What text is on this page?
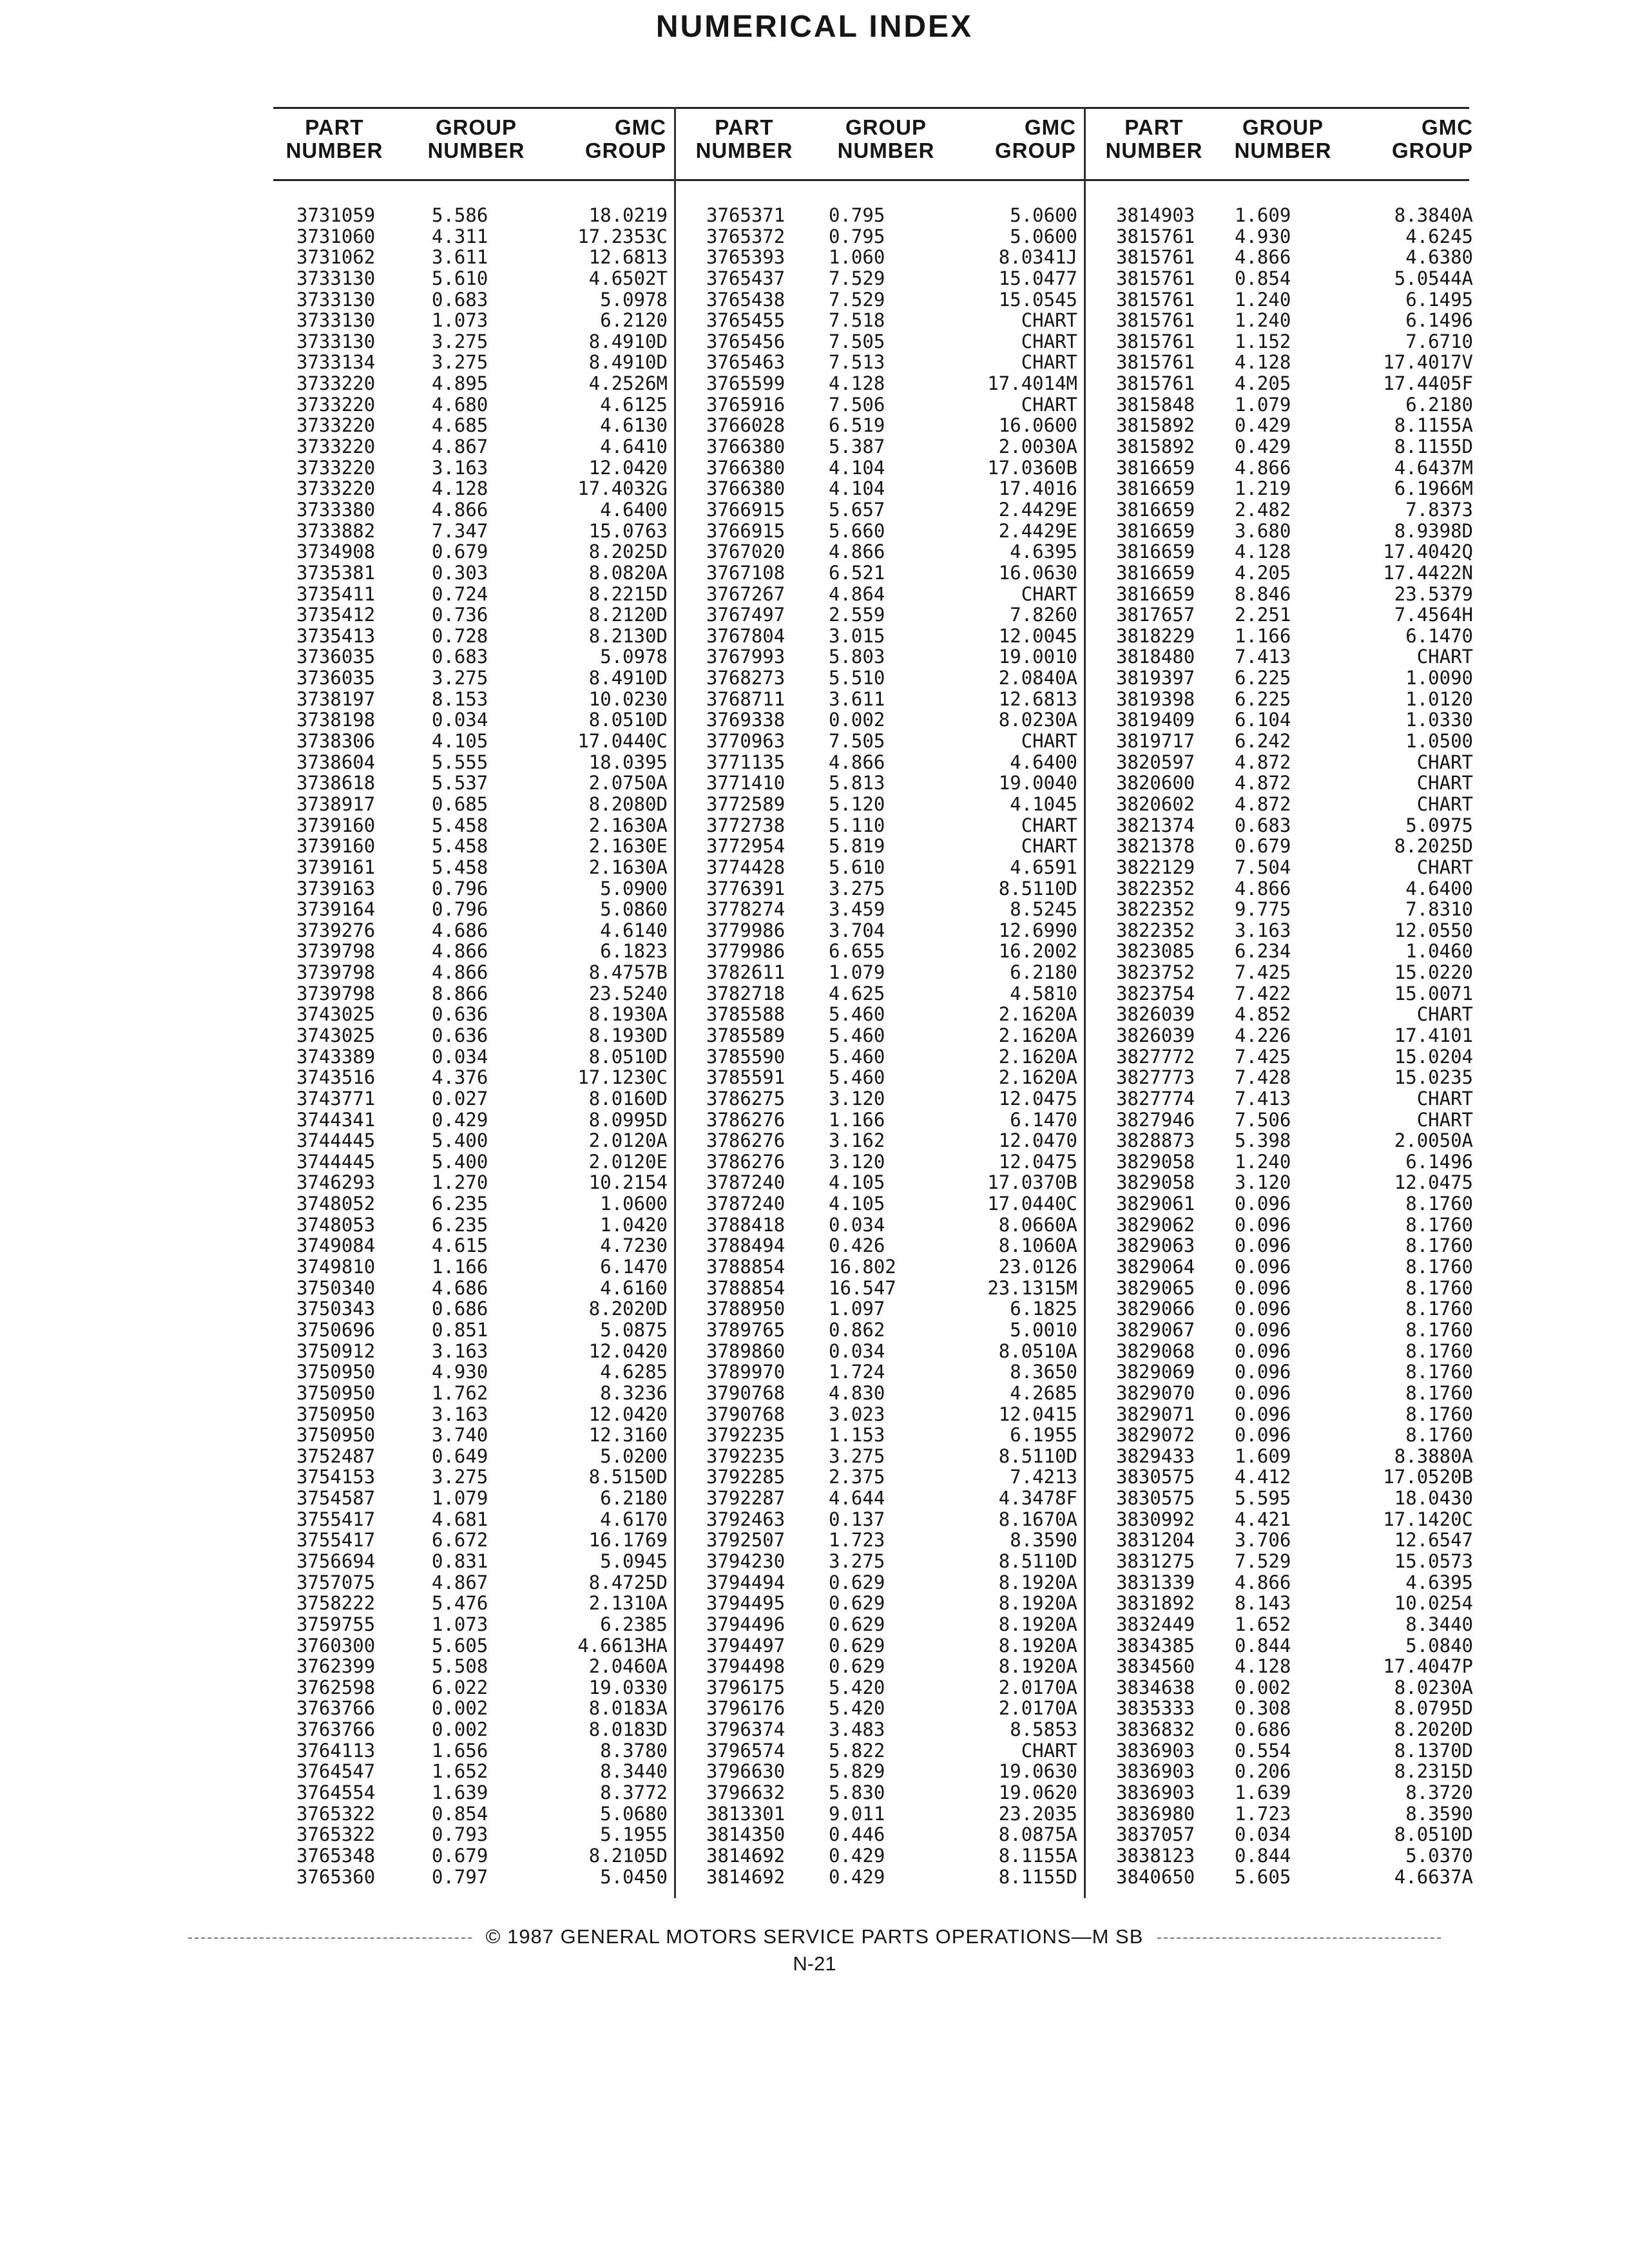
NUMERICAL INDEX
PART
NUMBER
GROUP
NUMBER
GMC
GROUP
3731059	5.586	18.0219
3731060	4.311	17.2353C
3731062	3.611	12.6813
3733130	5.610	4.6502T
3733130	0.683	5.0978
3733130	1.073	6.2120
3733130	3.275	8.4910D
3733134	3.275	8.4910D
3733220	4.895	4.2526M
3733220	4.680	4.6125
3733220	4.685	4.6130
3733220	4.867	4.6410
3733220	3.163	12.0420
3733220	4.128	17.4032G
3733380	4.866	4.6400
3733882	7.347	15.0763
3734908	0.679	8.2025D
3735381	0.303	8.0820A
3735411	0.724	8.2215D
3735412	0.736	8.2120D
3735413	0.728	8.2130D
3736035	0.683	5.0978
3736035	3.275	8.4910D
3738197	8.153	10.0230
3738198	0.034	8.0510D
3738306	4.105	17.0440C
3738604	5.555	18.0395
3738618	5.537	2.0750A
3738917	0.685	8.2080D
3739160	5.458	2.1630A
3739160	5.458	2.1630E
3739161	5.458	2.1630A
3739163	0.796	5.0900
3739164	0.796	5.0860
3739276	4.686	4.6140
3739798	4.866	6.1823
3739798	4.866	8.4757B
3739798	8.866	23.5240
3743025	0.636	8.1930A
3743025	0.636	8.1930D
3743389	0.034	8.0510D
3743516	4.376	17.1230C
3743771	0.027	8.0160D
3744341	0.429	8.0995D
3744445	5.400	2.0120A
3744445	5.400	2.0120E
3746293	1.270	10.2154
3748052	6.235	1.0600
3748053	6.235	1.0420
3749084	4.615	4.7230
3749810	1.166	6.1470
3750340	4.686	4.6160
3750343	0.686	8.2020D
3750696	0.851	5.0875
3750912	3.163	12.0420
3750950	4.930	4.6285
3750950	1.762	8.3236
3750950	3.163	12.0420
3750950	3.740	12.3160
3752487	0.649	5.0200
3754153	3.275	8.5150D
3754587	1.079	6.2180
3755417	4.681	4.6170
3755417	6.672	16.1769
3756694	0.831	5.0945
3757075	4.867	8.4725D
3758222	5.476	2.1310A
3759755	1.073	6.2385
3760300	5.605	4.6613HA
3762399	5.508	2.0460A
3762598	6.022	19.0330
3763766	0.002	8.0183A
3763766	0.002	8.0183D
3764113	1.656	8.3780
3764547	1.652	8.3440
3764554	1.639	8.3772
3765322	0.854	5.0680
3765322	0.793	5.1955
3765348	0.679	8.2105D
3765360	0.797	5.0450
PART
NUMBER
GROUP
NUMBER
GMC
GROUP
3765371 0.795	5.0600
3765372 0.795	5.0600
3765393 1.060	8.0341J
3765437 7.529	15.0477
3765438 7.529	15.0545
3765455 7.518	CHART
3765456 7.505	CHART
3765463 7.513	CHART
3765599 4.128	17.4014M
3765916 7.506	CHART
3766028 6.519	16.0600
3766380 5.387	2.0030A
3766380 4.104	17.0360B
3766380 4.104	17.4016
3766915 5.657	2.4429E
3766915 5.660	2.4429E
3767020 4.866	4.6395
3767108 6.521	16.0630
3767267 4.864	CHART
3767497 2.559	7.8260
3767804 3.015	12.0045
3767993 5.803	19.0010
3768273 5.510	2.0840A
3768711 3.611	12.6813
3769338 0.002	8.0230A
3770963 7.505	CHART
3771135 4.866	4.6400
3771410 5.813	19.0040
3772589 5.120	4.1045
3772738 5.110	CHART
3772954 5.819	CHART
3774428 5.610	4.6591
3776391 3.275	8.5110D
3778274 3.459	8.5245
3779986 3.704	12.6990
3779986 6.655	16.2002
3782611 1.079	6.2180
3782718 4.625	4.5810
3785588 5.460	2.1620A
3785589 5.460	2.1620A
3785590 5.460	2.1620A
3785591 5.460	2.1620A
3786275 3.120	12.0475
3786276 1.166	6.1470
3786276 3.162	12.0470
3786276 3.120	12.0475
3787240 4.105	17.0370B
3787240 4.105	17.0440C
3788418 0.034	8.0660A
3788494 0.426	8.1060A
3788854 16.802	23.0126
3788854 16.547	23.1315M
3788950 1.097	6.1825
3789765 0.862	5.0010
3789860 0.034	8.0510A
3789970 1.724	8.3650
3790768 4.830	4.2685
3790768 3.023	12.0415
3792235 1.153	6.1955
3792235 3.275	8.5110D
3792285 2.375	7.4213
3792287 4.644	4.3478F
3792463 0.137	8.1670A
3792507 1.723	8.3590
3794230 3.275	8.5110D
3794494 0.629	8.1920A
3794495 0.629	8.1920A
3794496 0.629	8.1920A
3794497 0.629	8.1920A
3794498 0.629	8.1920A
3796175 5.420	2.0170A
3796176 5.420	2.0170A
3796374 3.483	8.5853
3796574 5.822	CHART
3796630 5.829	19.0630
3796632 5.830	19.0620
3813301 9.011	23.2035
3814350 0.446	8.0875A
3814692 0.429	8.1155A
3814692 0.429	8.1155D
PART
NUMBER
GROUP
NUMBER
GMC
GROUP
3814903 1.609	8.3840A
3815761 4.930	4.6245
3815761 4.866	4.6380
3815761 0.854	5.0544A
3815761 1.240	6.1495
3815761 1.240	6.1496
3815761 1.152	7.6710
3815761 4.128	17.4017V
3815761 4.205	17.4405F
3815848 1.079	6.2180
3815892 0.429	8.1155A
3815892 0.429	8.1155D
3816659 4.866	4.6437M
3816659 1.219	6.1966M
3816659 2.482	7.8373
3816659 3.680	8.9398D
3816659 4.128	17.4042Q
3816659 4.205	17.4422N
3816659 8.846	23.5379
3817657 2.251	7.4564H
3818229 1.166	6.1470
3818480 7.413	CHART
3819397 6.225	1.0090
3819398 6.225	1.0120
3819409 6.104	1.0330
3819717 6.242	1.0500
3820597 4.872	CHART
3820600 4.872	CHART
3820602 4.872	CHART
3821374 0.683	5.0975
3821378 0.679	8.2025D
3822129 7.504	CHART
3822352 4.866	4.6400
3822352 9.775	7.8310
3822352 3.163	12.0550
3823085 6.234	1.0460
3823752 7.425	15.0220
3823754 7.422	15.0071
3826039 4.852	CHART
3826039 4.226	17.4101
3827772 7.425	15.0204
3827773 7.428	15.0235
3827774 7.413	CHART
3827946 7.506	CHART
3828873 5.398	2.0050A
3829058 1.240	6.1496
3829058 3.120	12.0475
3829061 0.096	8.1760
3829062 0.096	8.1760
3829063 0.096	8.1760
3829064 0.096	8.1760
3829065 0.096	8.1760
3829066 0.096	8.1760
3829067 0.096	8.1760
3829068 0.096	8.1760
3829069 0.096	8.1760
3829070 0.096	8.1760
3829071 0.096	8.1760
3829072 0.096	8.1760
3829433 1.609	8.3880A
3830575 4.412	17.0520B
3830575 5.595	18.0430
3830992 4.421	17.1420C
3831204 3.706	12.6547
3831275 7.529	15.0573
3831339 4.866	4.6395
3831892 8.143	10.0254
3832449 1.652	8.3440
3834385 0.844	5.0840
3834560 4.128	17.4047P
3834638 0.002	8.0230A
3835333 0.308	8.0795D
3836832 0.686	8.2020D
3836903 0.554	8.1370D
3836903 0.206	8.2315D
3836903 1.639	8.3720
3836980 1.723	8.3590
3837057 0.034	8.0510D
3838123 0.844	5.0370
3840650 5.605	4.6637A
© 1987 GENERAL MOTORS SERVICE PARTS OPERATIONS—M SB
N-21
